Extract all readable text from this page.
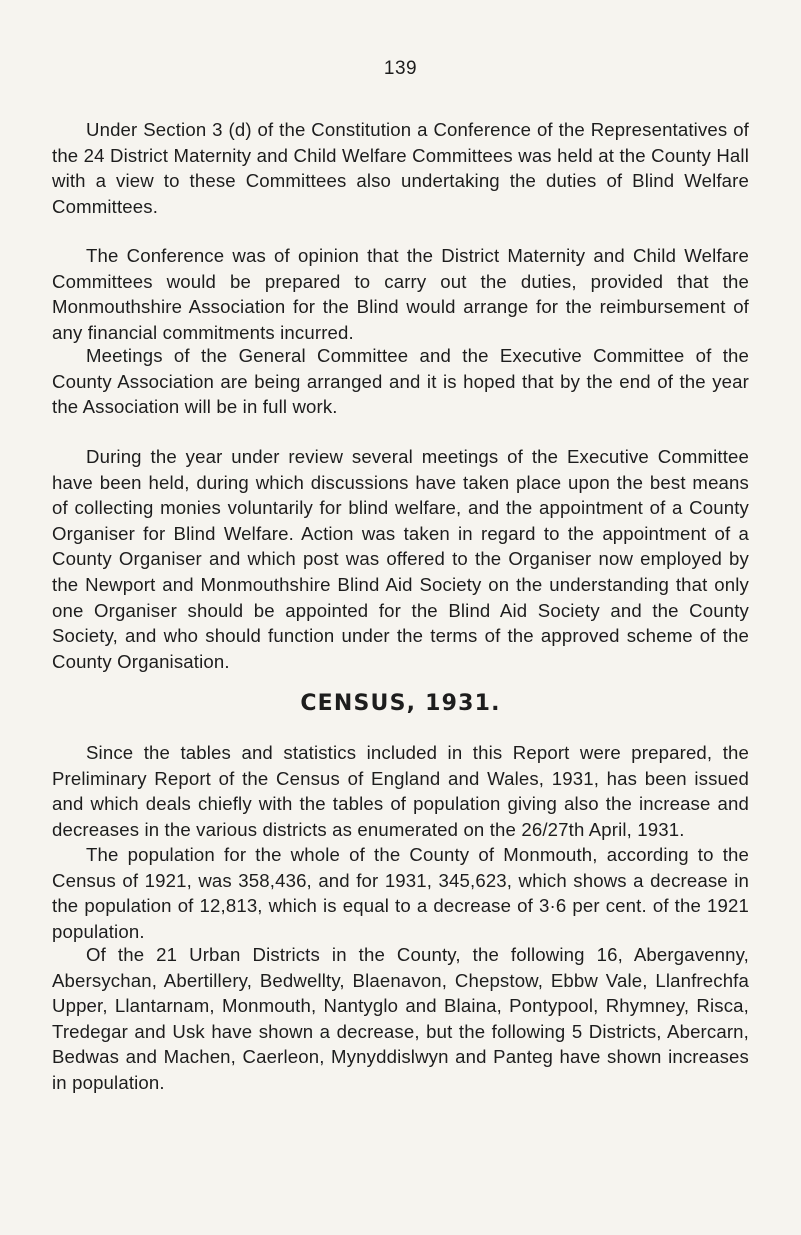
139

Under Section 3 (d) of the Constitution a Conference of the Representatives of the 24 District Maternity and Child Welfare Committees was held at the County Hall with a view to these Committees also undertaking the duties of Blind Welfare Committees.

The Conference was of opinion that the District Maternity and Child Welfare Committees would be prepared to carry out the duties, provided that the Monmouthshire Association for the Blind would arrange for the reimbursement of any financial commitments incurred.

Meetings of the General Committee and the Executive Committee of the County Association are being arranged and it is hoped that by the end of the year the Association will be in full work.

During the year under review several meetings of the Executive Committee have been held, during which discussions have taken place upon the best means of collecting monies voluntarily for blind welfare, and the appointment of a County Organiser for Blind Welfare. Action was taken in regard to the appointment of a County Organiser and which post was offered to the Organiser now employed by the Newport and Monmouthshire Blind Aid Society on the understanding that only one Organiser should be appointed for the Blind Aid Society and the County Society, and who should function under the terms of the approved scheme of the County Organisation.

CENSUS, 1931.

Since the tables and statistics included in this Report were prepared, the Preliminary Report of the Census of England and Wales, 1931, has been issued and which deals chiefly with the tables of population giving also the increase and decreases in the various districts as enumerated on the 26/27th April, 1931.

The population for the whole of the County of Monmouth, according to the Census of 1921, was 358,436, and for 1931, 345,623, which shows a decrease in the population of 12,813, which is equal to a decrease of 3·6 per cent. of the 1921 population.

Of the 21 Urban Districts in the County, the following 16, Abergavenny, Abersychan, Abertillery, Bedwellty, Blaenavon, Chepstow, Ebbw Vale, Llanfrechfa Upper, Llantarnam, Monmouth, Nantyglo and Blaina, Pontypool, Rhymney, Risca, Tredegar and Usk have shown a decrease, but the following 5 Districts, Abercarn, Bedwas and Machen, Caerleon, Mynyddislwyn and Panteg have shown increases in population.
